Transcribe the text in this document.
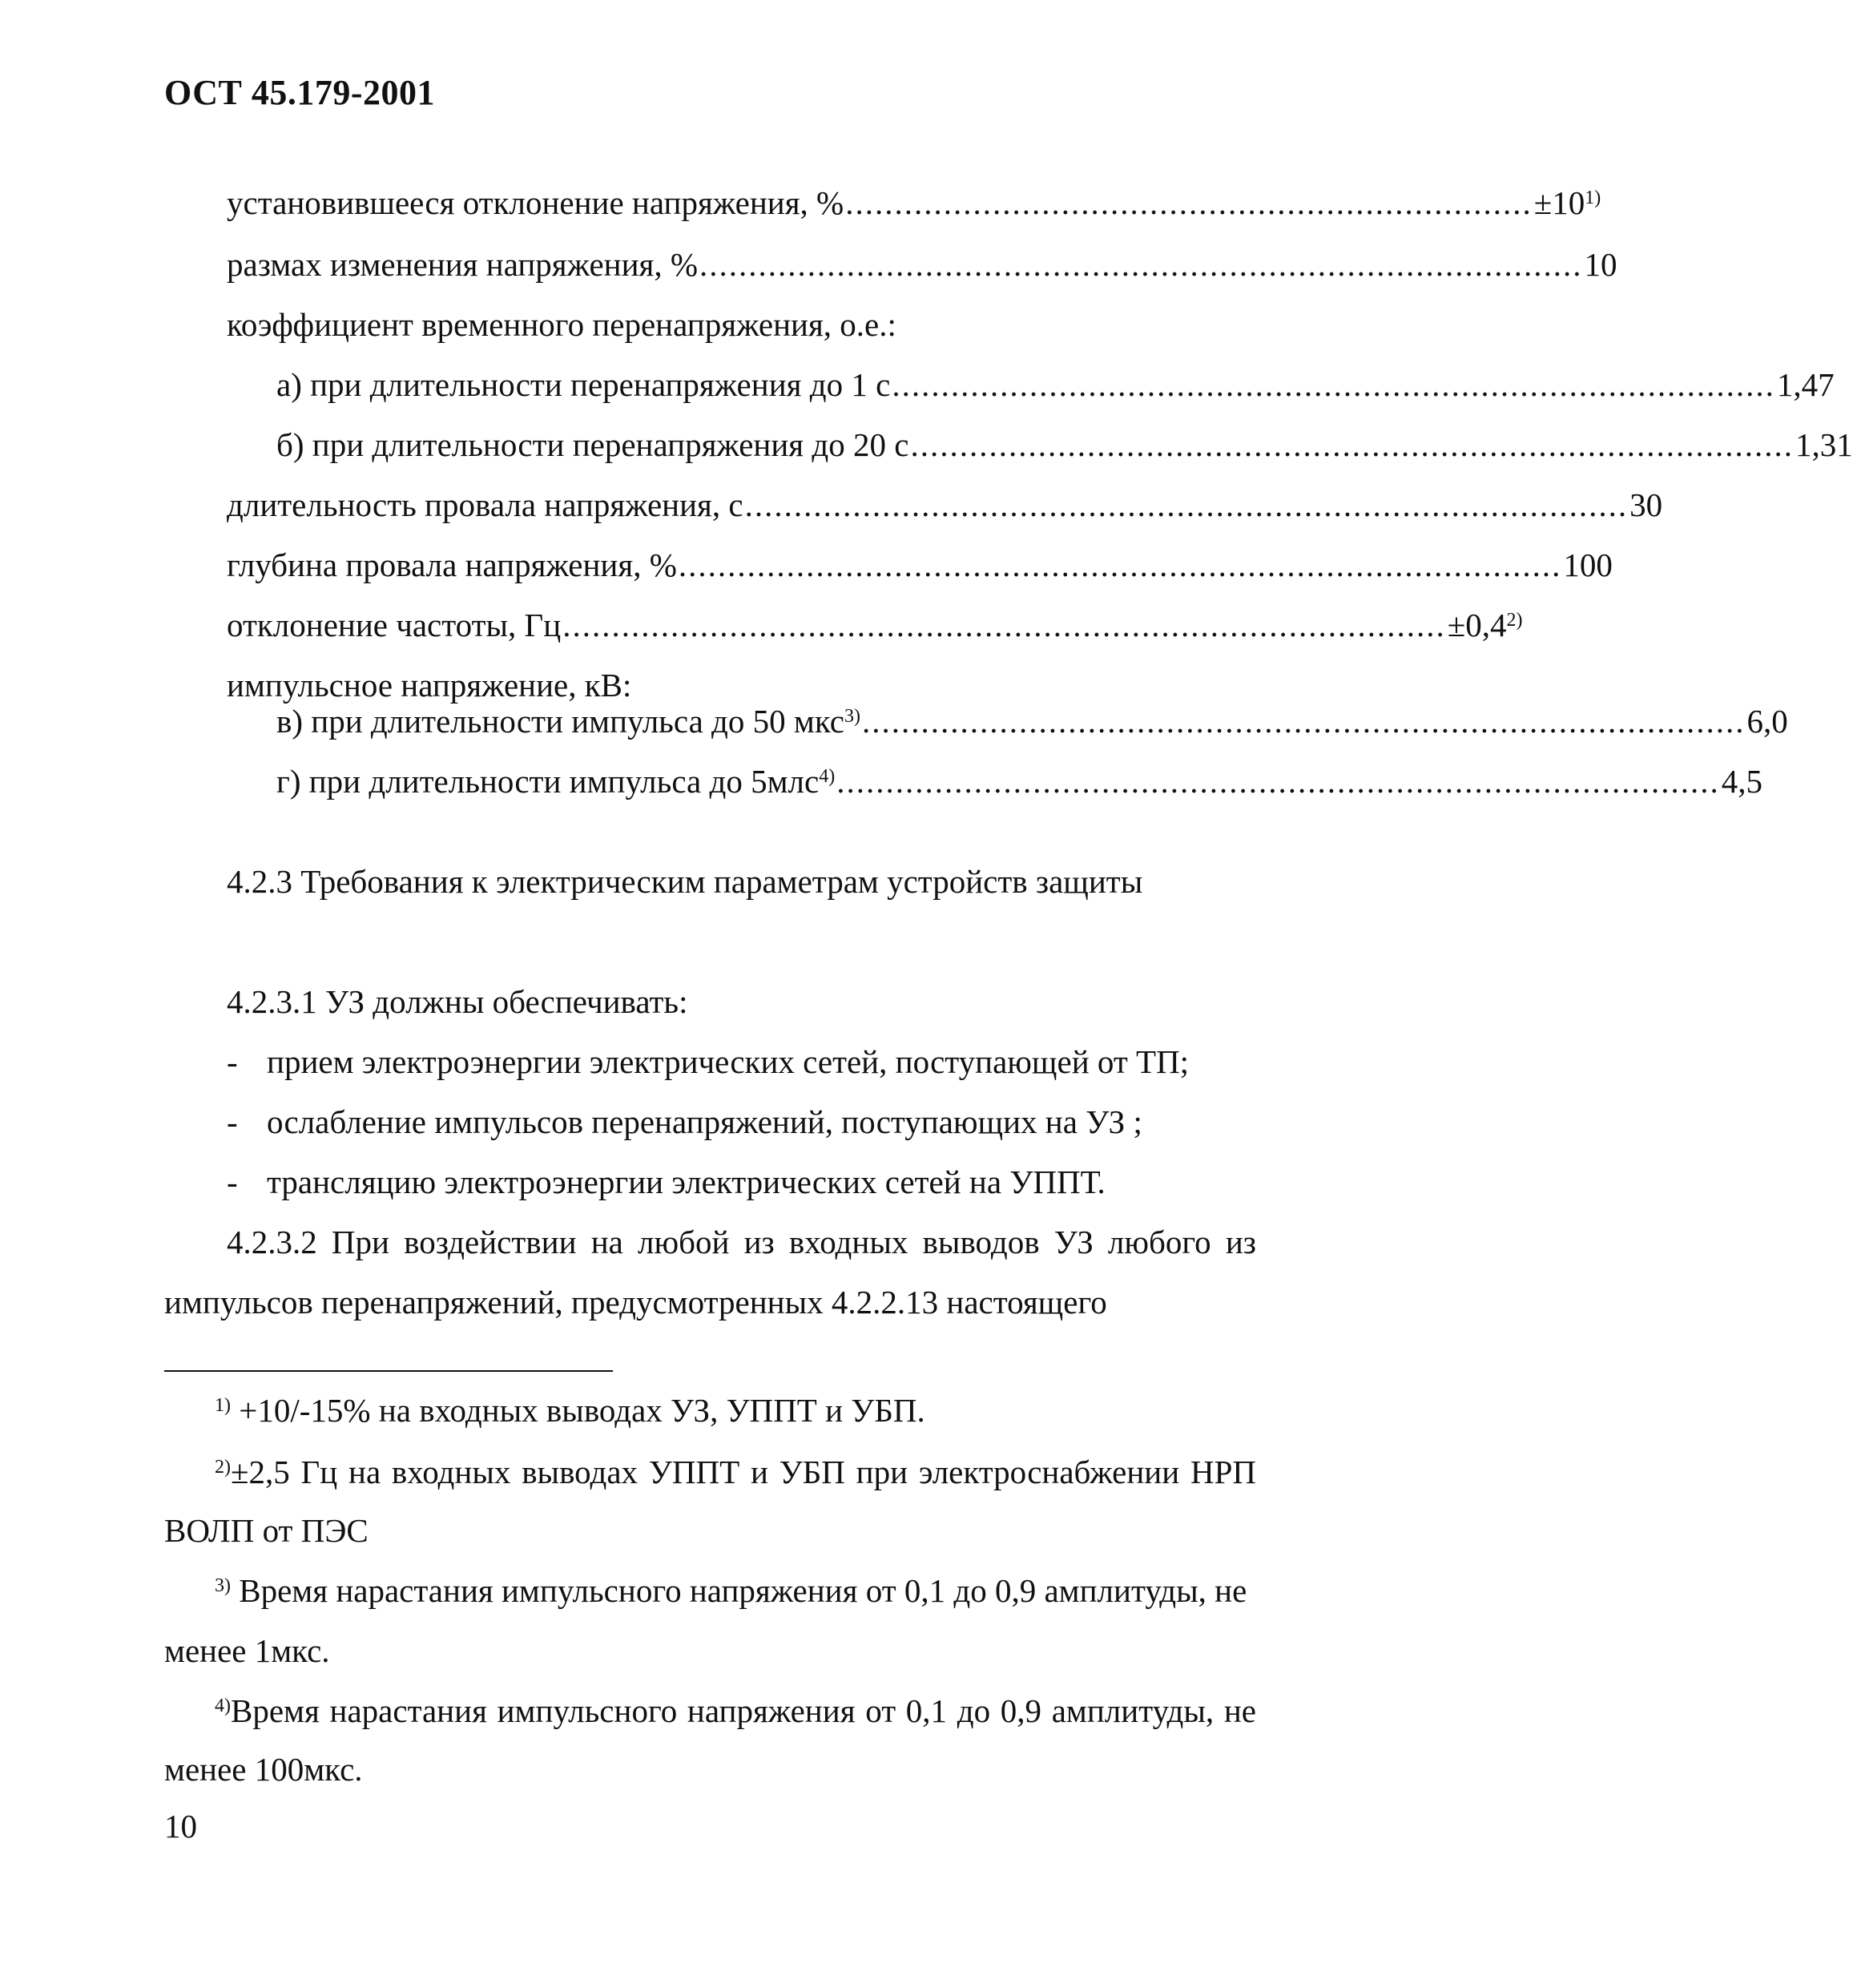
ОСТ 45.179-2001
установившееся отклонение напряжения, % ...................................................................... $\pm 10^{1)}$
размах изменения напряжения, % .......................................................................................... 10
коэффициент временного перенапряжения, о.е.:
а) при длительности перенапряжения до 1 с .......................................................................................... 1,47
б) при длительности перенапряжения до 20 с .......................................................................................... 1,31
длительность провала напряжения, с .......................................................................................... 30
глубина провала напряжения, % .......................................................................................... 100
отклонение частоты, Гц .......................................................................................... $\pm 0,4^{2)}$
импульсное напряжение, кВ:
в) при длительности импульса до 50 мкс$^{3)}$ .......................................................................................... 6,0
г) при длительности импульса до 5млс$^{4)}$ .......................................................................................... 4,5
4.2.3 Требования к электрическим параметрам устройств защиты
4.2.3.1 УЗ должны обеспечивать:
- прием электроэнергии электрических сетей, поступающей от ТП;
- ослабление импульсов перенапряжений, поступающих на УЗ ;
- трансляцию электроэнергии электрических сетей на УППТ.
4.2.3.2 При воздействии на любой из входных выводов УЗ любого из
импульсов перенапряжений, предусмотренных 4.2.2.13 настоящего
$^{1)}$ +10/-15% на входных выводах УЗ, УППТ и УБП.
$^{2)}$±2,5 Гц на входных выводах УППТ и УБП при электроснабжении НРП
ВОЛП от ПЭС
$^{3)}$ Время нарастания импульсного напряжения от 0,1 до 0,9 амплитуды, не
менее 1мкс.
$^{4)}$Время нарастания импульсного напряжения от 0,1 до 0,9 амплитуды, не
менее 100мкс.
10
